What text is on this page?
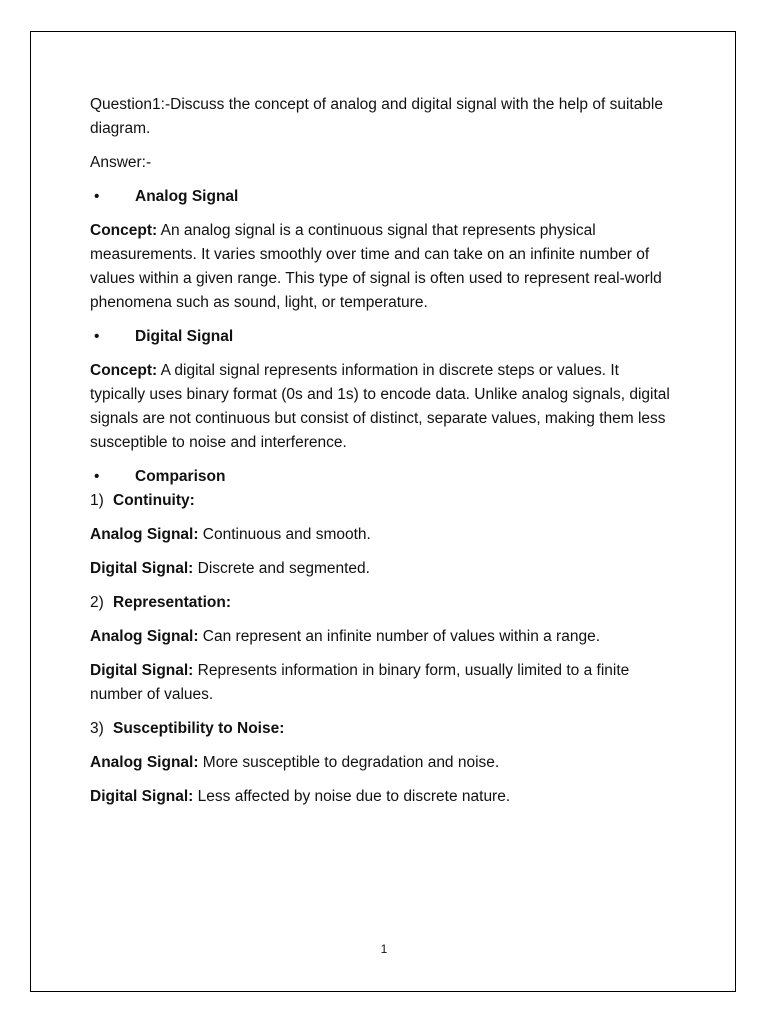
Question1:-Discuss the concept of analog and digital signal with the help of suitable diagram.

Answer:-

• Analog Signal

Concept: An analog signal is a continuous signal that represents physical measurements. It varies smoothly over time and can take on an infinite number of values within a given range. This type of signal is often used to represent real-world phenomena such as sound, light, or temperature.

• Digital Signal

Concept: A digital signal represents information in discrete steps or values. It typically uses binary format (0s and 1s) to encode data. Unlike analog signals, digital signals are not continuous but consist of distinct, separate values, making them less susceptible to noise and interference.

• Comparison

1) Continuity:

Analog Signal: Continuous and smooth.

Digital Signal: Discrete and segmented.

2) Representation:

Analog Signal: Can represent an infinite number of values within a range.

Digital Signal: Represents information in binary form, usually limited to a finite number of values.

3) Susceptibility to Noise:

Analog Signal: More susceptible to degradation and noise.

Digital Signal: Less affected by noise due to discrete nature.

1
